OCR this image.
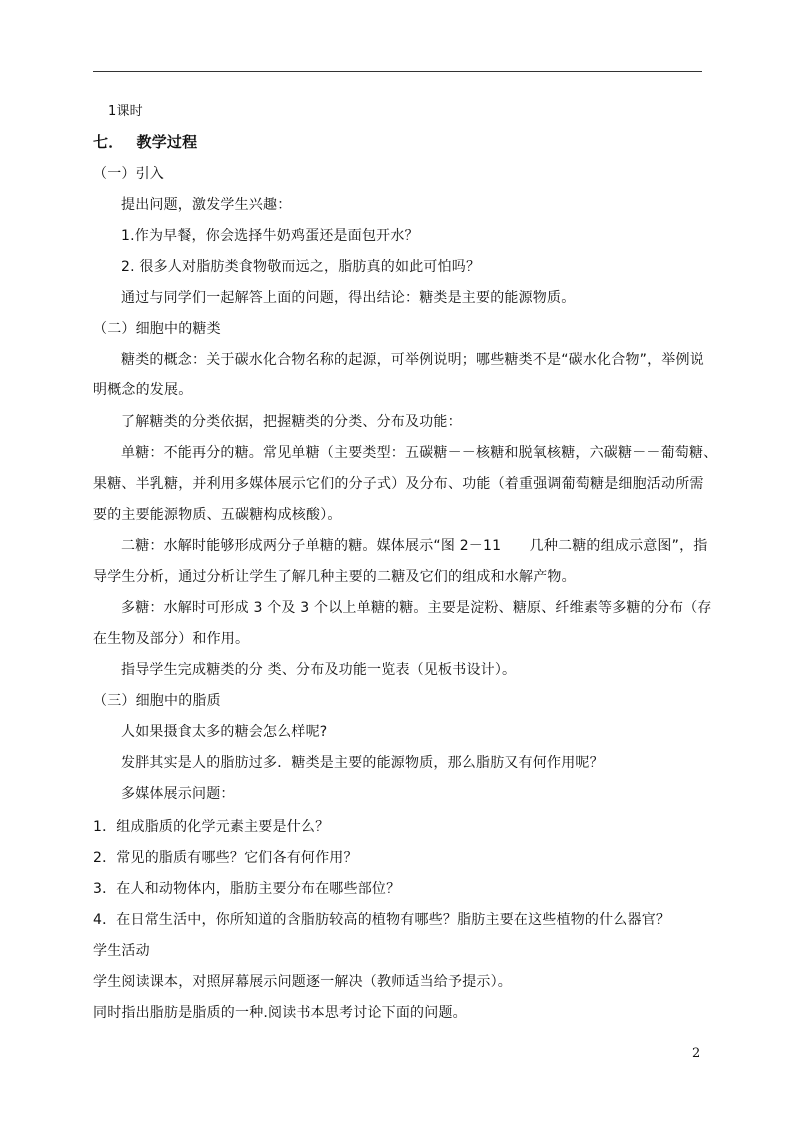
1课时
七．　 教学过程
（一）引入
提出问题，激发学生兴趣：
1.作为早餐，你会选择牛奶鸡蛋还是面包开水？
2. 很多人对脂肪类食物敬而远之，脂肪真的如此可怕吗？
通过与同学们一起解答上面的问题，得出结论：糖类是主要的能源物质。
（二）细胞中的糖类
糖类的概念：关于碳水化合物名称的起源，可举例说明；哪些糖类不是“碳水化合物”，举例说
明概念的发展。
了解糖类的分类依据，把握糖类的分类、分布及功能：
单糖：不能再分的糖。常见单糖（主要类型：五碳糖－－核糖和脱氧核糖，六碳糖－－葡萄糖、
果糖、半乳糖，并利用多媒体展示它们的分子式）及分布、功能（着重强调葡萄糖是细胞活动所需
要的主要能源物质、五碳糖构成核酸）。
二糖：水解时能够形成两分子单糖的糖。媒体展示“图 2－11　　几种二糖的组成示意图”，指
导学生分析，通过分析让学生了解几种主要的二糖及它们的组成和水解产物。
多糖：水解时可形成 3 个及 3 个以上单糖的糖。主要是淀粉、糖原、纤维素等多糖的分布（存
在生物及部分）和作用。
指导学生完成糖类的分 类、分布及功能一览表（见板书设计）。
（三）细胞中的脂质
人如果摄食太多的糖会怎么样呢?
发胖其实是人的脂肪过多．糖类是主要的能源物质，那么脂肪又有何作用呢？
多媒体展示问题：
1．组成脂质的化学元素主要是什么？
2．常见的脂质有哪些？它们各有何作用？
3．在人和动物体内，脂肪主要分布在哪些部位？
4．在日常生活中，你所知道的含脂肪较高的植物有哪些？脂肪主要在这些植物的什么器官？
学生活动
学生阅读课本，对照屏幕展示问题逐一解决（教师适当给予提示）。
同时指出脂肪是脂质的一种.阅读书本思考讨论下面的问题。
2
